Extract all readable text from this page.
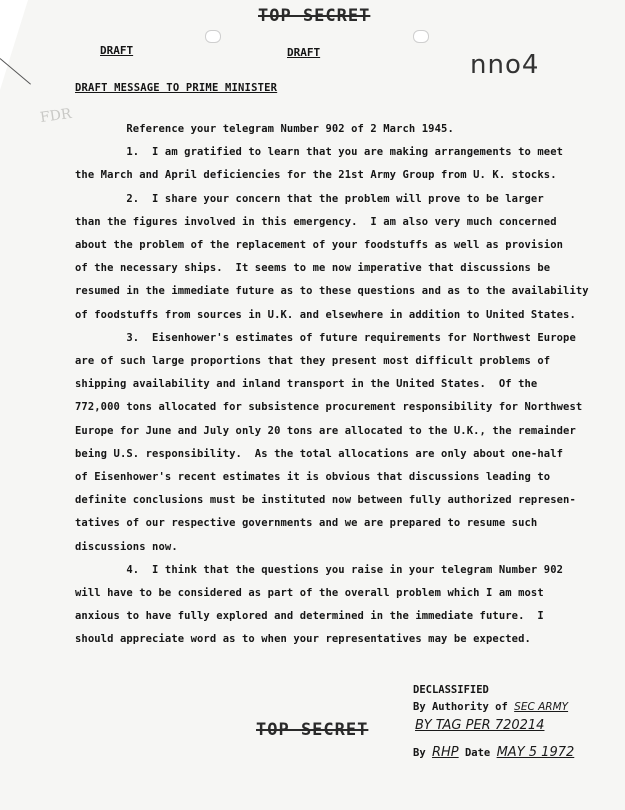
TOP SECRET
DRAFT	DRAFT	nno4
FDR
DRAFT MESSAGE TO PRIME MINISTER
Reference your telegram Number 902 of 2 March 1945.
1.  I am gratified to learn that you are making arrangements to meet
the March and April deficiencies for the 21st Army Group from U. K. stocks.
2.  I share your concern that the problem will prove to be larger
than the figures involved in this emergency.  I am also very much concerned
about the problem of the replacement of your foodstuffs as well as provision
of the necessary ships.  It seems to me now imperative that discussions be
resumed in the immediate future as to these questions and as to the availability
of foodstuffs from sources in U.K. and elsewhere in addition to United States.
3.  Eisenhower's estimates of future requirements for Northwest Europe
are of such large proportions that they present most difficult problems of
shipping availability and inland transport in the United States.  Of the
772,000 tons allocated for subsistence procurement responsibility for Northwest
Europe for June and July only 20 tons are allocated to the U.K., the remainder
being U.S. responsibility.  As the total allocations are only about one-half
of Eisenhower's recent estimates it is obvious that discussions leading to
definite conclusions must be instituted now between fully authorized represen-
tatives of our respective governments and we are prepared to resume such
discussions now.
4.  I think that the questions you raise in your telegram Number 902
will have to be considered as part of the overall problem which I am most
anxious to have fully explored and determined in the immediate future.  I
should appreciate word as to when your representatives may be expected.
TOP SECRET
DECLASSIFIED
By Authority of SEC ARMY
BY TAG PER 720214
By RHP Date MAY 5 1972
